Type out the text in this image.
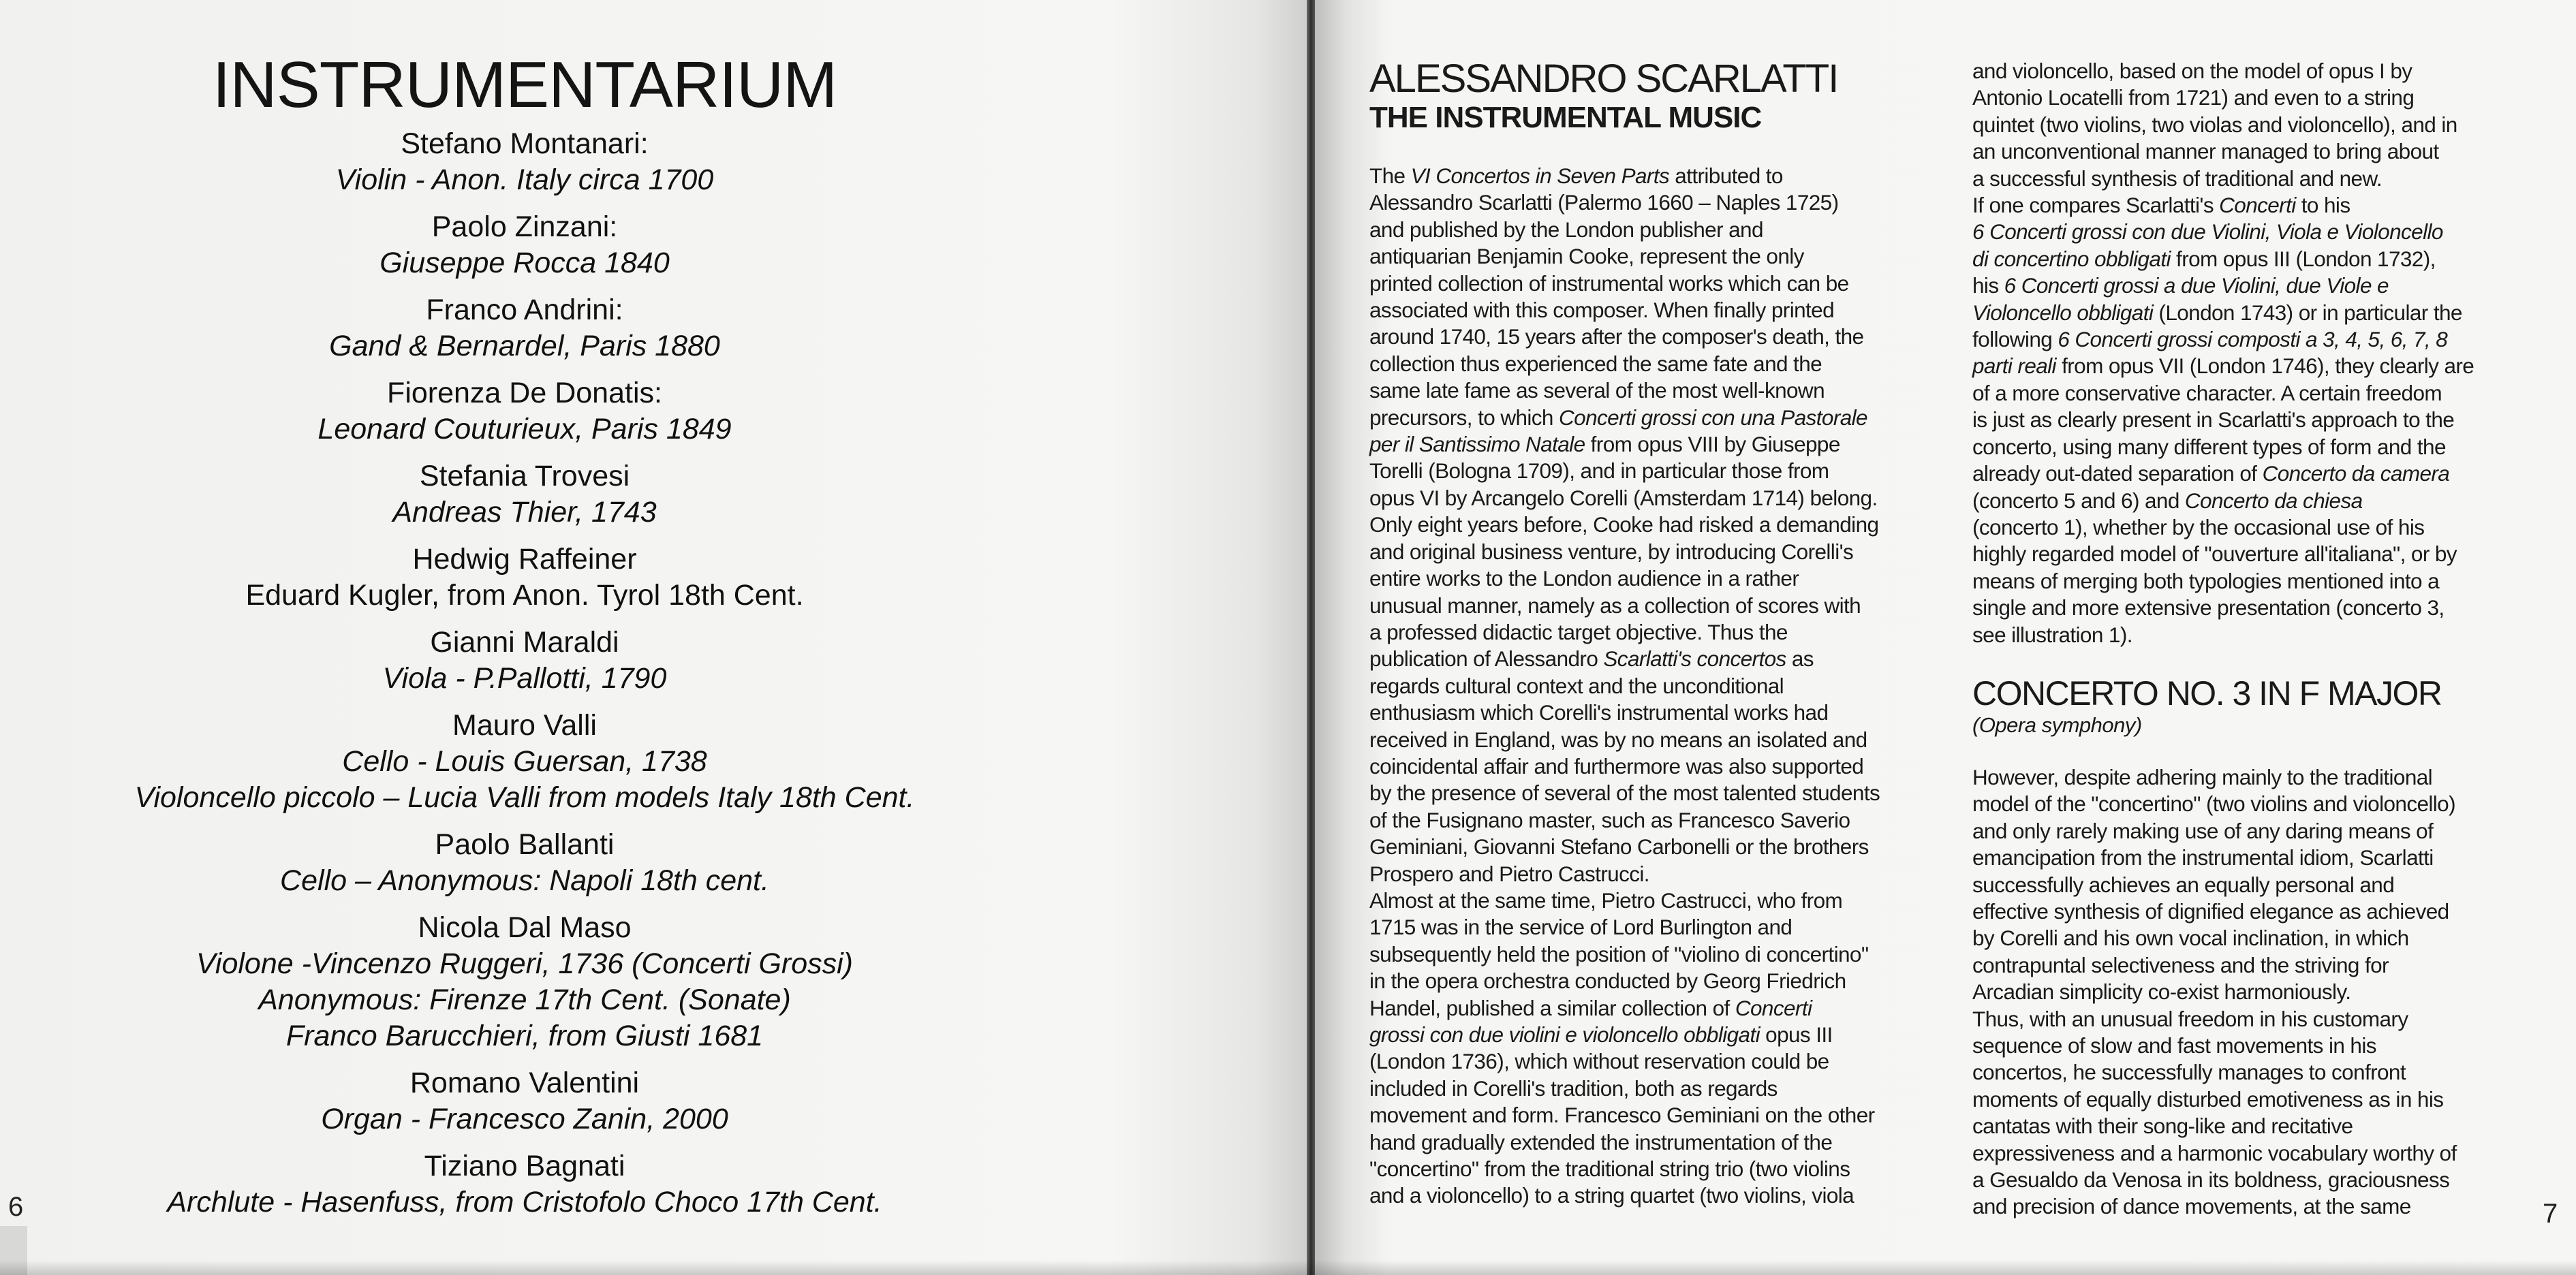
INSTRUMENTARIUM
Stefano Montanari:
Violin - Anon. Italy circa 1700
Paolo Zinzani:
Giuseppe Rocca 1840
Franco Andrini:
Gand & Bernardel, Paris 1880
Fiorenza De Donatis:
Leonard Couturieux, Paris 1849
Stefania Trovesi
Andreas Thier, 1743
Hedwig Raffeiner
Eduard Kugler, from Anon. Tyrol 18th Cent.
Gianni Maraldi
Viola - P.Pallotti, 1790
Mauro Valli
Cello - Louis Guersan, 1738
Violoncello piccolo – Lucia Valli from models Italy 18th Cent.
Paolo Ballanti
Cello – Anonymous: Napoli 18th cent.
Nicola Dal Maso
Violone -Vincenzo Ruggeri, 1736 (Concerti Grossi)
Anonymous: Firenze 17th Cent. (Sonate)
Franco Barucchieri, from Giusti 1681
Romano Valentini
Organ - Francesco Zanin, 2000
Tiziano Bagnati
Archlute - Hasenfuss, from Cristofolo Choco 17th Cent.
6
ALESSANDRO SCARLATTI
THE INSTRUMENTAL MUSIC
The VI Concertos in Seven Parts attributed to
Alessandro Scarlatti (Palermo 1660 – Naples 1725)
and published by the London publisher and
antiquarian Benjamin Cooke, represent the only
printed collection of instrumental works which can be
associated with this composer. When finally printed
around 1740, 15 years after the composer's death, the
collection thus experienced the same fate and the
same late fame as several of the most well-known
precursors, to which Concerti grossi con una Pastorale
per il Santissimo Natale from opus VIII by Giuseppe
Torelli (Bologna 1709), and in particular those from
opus VI by Arcangelo Corelli (Amsterdam 1714) belong.
Only eight years before, Cooke had risked a demanding
and original business venture, by introducing Corelli's
entire works to the London audience in a rather
unusual manner, namely as a collection of scores with
a professed didactic target objective. Thus the
publication of Alessandro Scarlatti's concertos as
regards cultural context and the unconditional
enthusiasm which Corelli's instrumental works had
received in England, was by no means an isolated and
coincidental affair and furthermore was also supported
by the presence of several of the most talented students
of the Fusignano master, such as Francesco Saverio
Geminiani, Giovanni Stefano Carbonelli or the brothers
Prospero and Pietro Castrucci.
Almost at the same time, Pietro Castrucci, who from
1715 was in the service of Lord Burlington and
subsequently held the position of "violino di concertino"
in the opera orchestra conducted by Georg Friedrich
Handel, published a similar collection of Concerti
grossi con due violini e violoncello obbligati opus III
(London 1736), which without reservation could be
included in Corelli's tradition, both as regards
movement and form. Francesco Geminiani on the other
hand gradually extended the instrumentation of the
"concertino" from the traditional string trio (two violins
and a violoncello) to a string quartet (two violins, viola
and violoncello, based on the model of opus I by
Antonio Locatelli from 1721) and even to a string
quintet (two violins, two violas and violoncello), and in
an unconventional manner managed to bring about
a successful synthesis of traditional and new.
If one compares Scarlatti's Concerti to his
6 Concerti grossi con due Violini, Viola e Violoncello
di concertino obbligati from opus III (London 1732),
his 6 Concerti grossi a due Violini, due Viole e
Violoncello obbligati (London 1743) or in particular the
following 6 Concerti grossi composti a 3, 4, 5, 6, 7, 8
parti reali from opus VII (London 1746), they clearly are
of a more conservative character. A certain freedom
is just as clearly present in Scarlatti's approach to the
concerto, using many different types of form and the
already out-dated separation of Concerto da camera
(concerto 5 and 6) and Concerto da chiesa
(concerto 1), whether by the occasional use of his
highly regarded model of "ouverture all'italiana", or by
means of merging both typologies mentioned into a
single and more extensive presentation (concerto 3,
see illustration 1).
CONCERTO NO. 3 IN F MAJOR
(Opera symphony)
However, despite adhering mainly to the traditional
model of the "concertino" (two violins and violoncello)
and only rarely making use of any daring means of
emancipation from the instrumental idiom, Scarlatti
successfully achieves an equally personal and
effective synthesis of dignified elegance as achieved
by Corelli and his own vocal inclination, in which
contrapuntal selectiveness and the striving for
Arcadian simplicity co-exist harmoniously.
Thus, with an unusual freedom in his customary
sequence of slow and fast movements in his
concertos, he successfully manages to confront
moments of equally disturbed emotiveness as in his
cantatas with their song-like and recitative
expressiveness and a harmonic vocabulary worthy of
a Gesualdo da Venosa in its boldness, graciousness
and precision of dance movements, at the same	7
